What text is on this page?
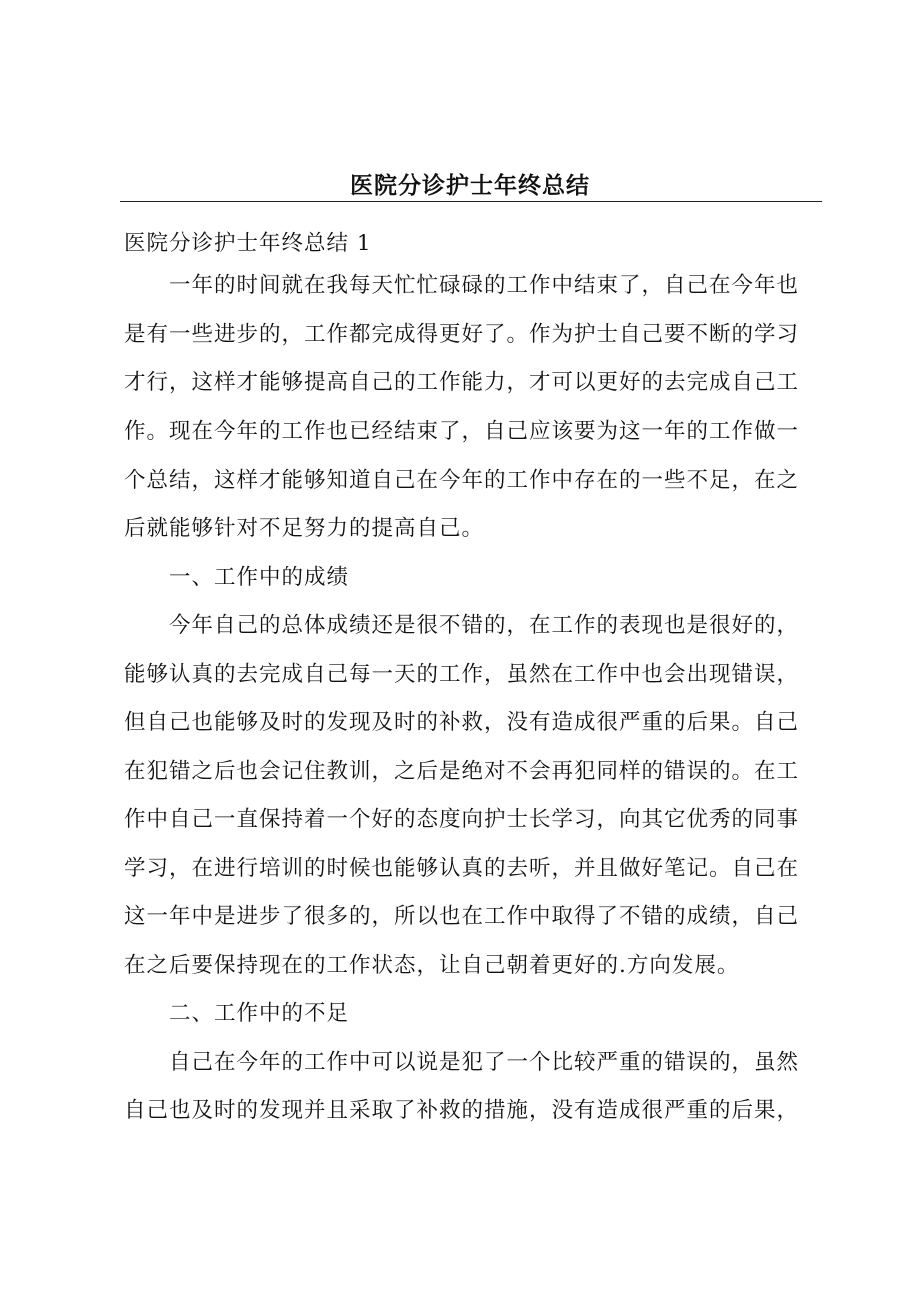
医院分诊护士年终总结
医院分诊护士年终总结 1
　　一年的时间就在我每天忙忙碌碌的工作中结束了，自己在今年也
是有一些进步的，工作都完成得更好了。作为护士自己要不断的学习
才行，这样才能够提高自己的工作能力，才可以更好的去完成自己工
作。现在今年的工作也已经结束了，自己应该要为这一年的工作做一
个总结，这样才能够知道自己在今年的工作中存在的一些不足，在之
后就能够针对不足努力的提高自己。
　　一、工作中的成绩
　　今年自己的总体成绩还是很不错的，在工作的表现也是很好的，
能够认真的去完成自己每一天的工作，虽然在工作中也会出现错误，
但自己也能够及时的发现及时的补救，没有造成很严重的后果。自己
在犯错之后也会记住教训，之后是绝对不会再犯同样的错误的。在工
作中自己一直保持着一个好的态度向护士长学习，向其它优秀的同事
学习，在进行培训的时候也能够认真的去听，并且做好笔记。自己在
这一年中是进步了很多的，所以也在工作中取得了不错的成绩，自己
在之后要保持现在的工作状态，让自己朝着更好的.方向发展。
　　二、工作中的不足
　　自己在今年的工作中可以说是犯了一个比较严重的错误的，虽然
自己也及时的发现并且采取了补救的措施，没有造成很严重的后果，
